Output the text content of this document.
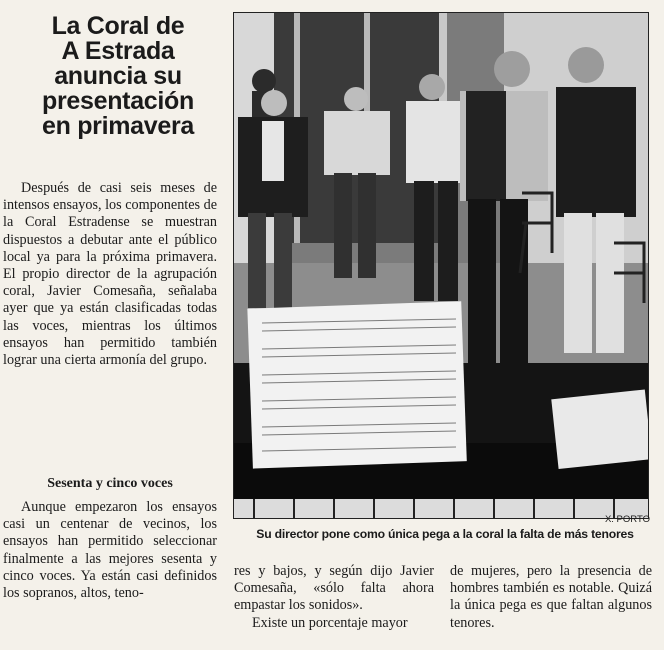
La Coral de
A Estrada
anuncia su
presentación
en primavera
Después de casi seis meses de intensos ensayos, los componentes de la Coral Estradense se muestran dispuestos a debutar ante el público local ya para la próxima primavera. El propio director de la agrupación coral, Javier Comesaña, señalaba ayer que ya están clasificadas todas las voces, mientras los últimos ensayos han permitido también lograr una cierta armonía del grupo.
Sesenta y cinco voces
Aunque empezaron los ensayos casi un centenar de vecinos, los ensayos han permitido seleccionar finalmente a las mejores sesenta y cinco voces. Ya están casi definidos los sopranos, altos, teno-
X. PORTO
Su director pone como única pega a la coral la falta de más tenores
res y bajos, y según dijo Javier Comesaña, «sólo falta ahora empastar los sonidos».
Existe un porcentaje mayor
de mujeres, pero la presencia de hombres también es notable. Quizá la única pega es que faltan algunos tenores.
